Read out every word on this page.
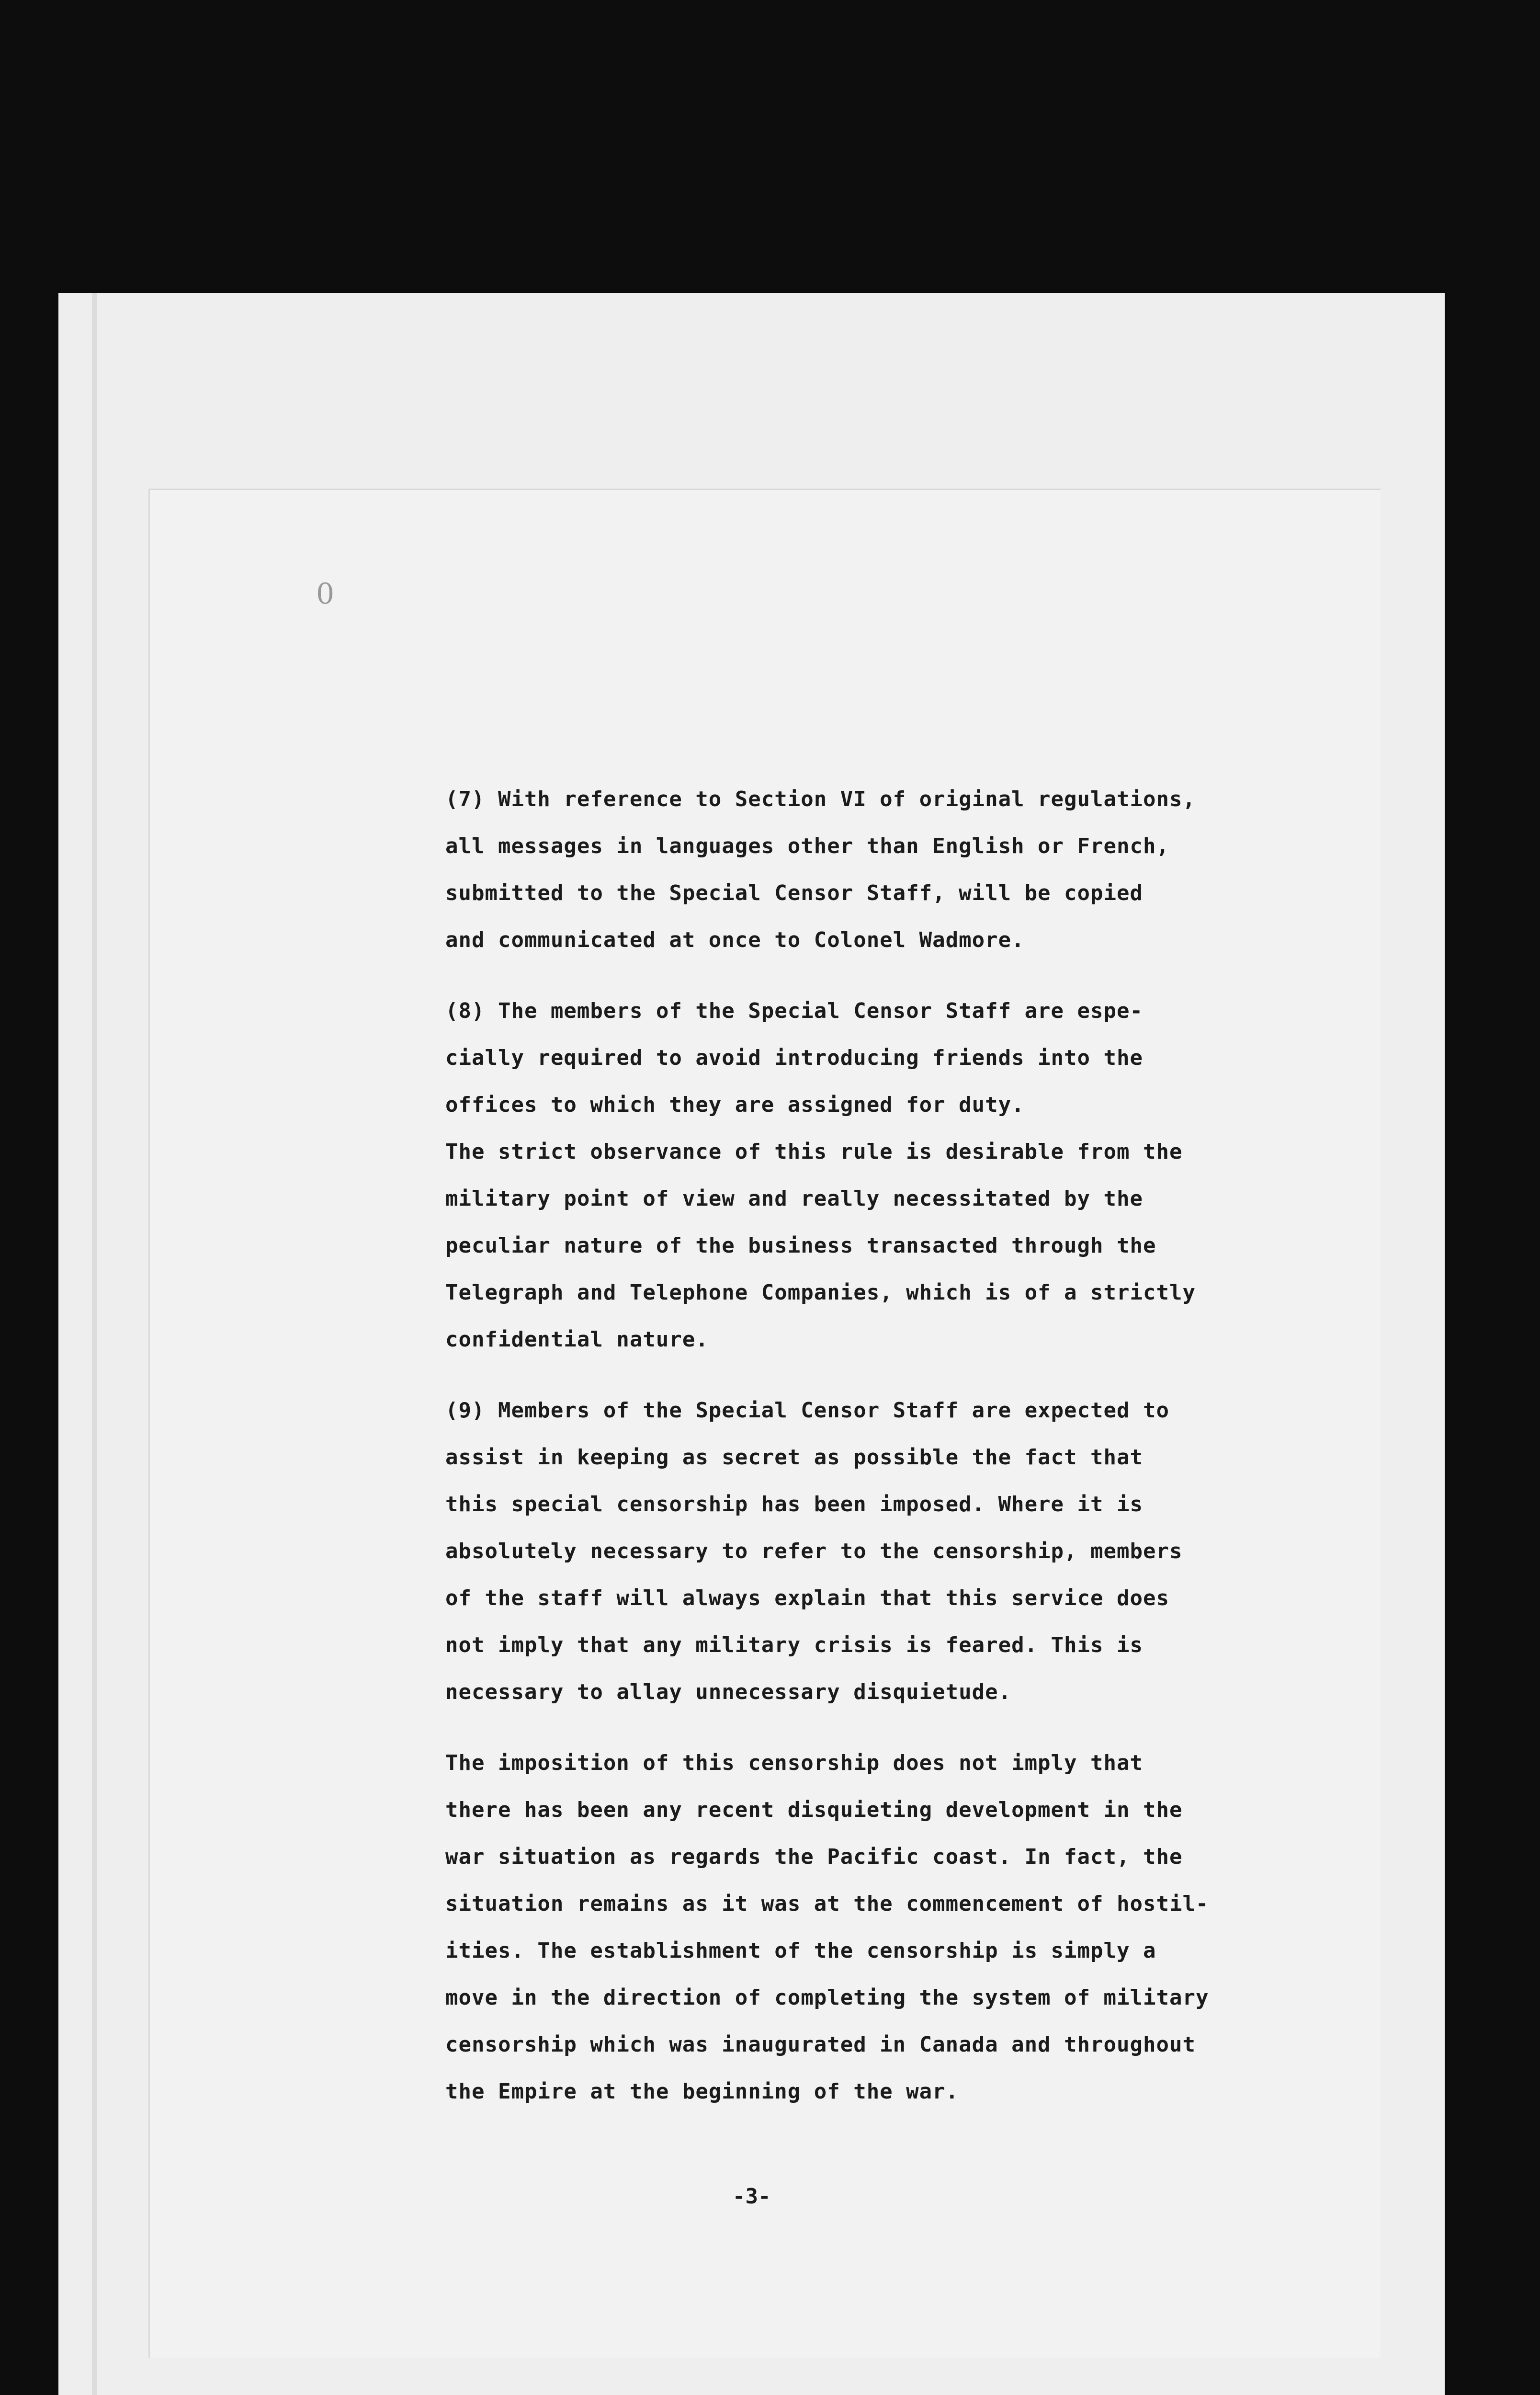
0
(7) With reference to Section VI of original regulations,
all messages in languages other than English or French,
submitted to the Special Censor Staff, will be copied
and communicated at once to Colonel Wadmore.
(8) The members of the Special Censor Staff are espe-
cially required to avoid introducing friends into the
offices to which they are assigned for duty.
The strict observance of this rule is desirable from the
military point of view and really necessitated by the
peculiar nature of the business transacted through the
Telegraph and Telephone Companies, which is of a strictly
confidential nature.
(9) Members of the Special Censor Staff are expected to
assist in keeping as secret as possible the fact that
this special censorship has been imposed. Where it is
absolutely necessary to refer to the censorship, members
of the staff will always explain that this service does
not imply that any military crisis is feared. This is
necessary to allay unnecessary disquietude.
The imposition of this censorship does not imply that
there has been any recent disquieting development in the
war situation as regards the Pacific coast. In fact, the
situation remains as it was at the commencement of hostil-
ities. The establishment of the censorship is simply a
move in the direction of completing the system of military
censorship which was inaugurated in Canada and throughout
the Empire at the beginning of the war.
-3-
